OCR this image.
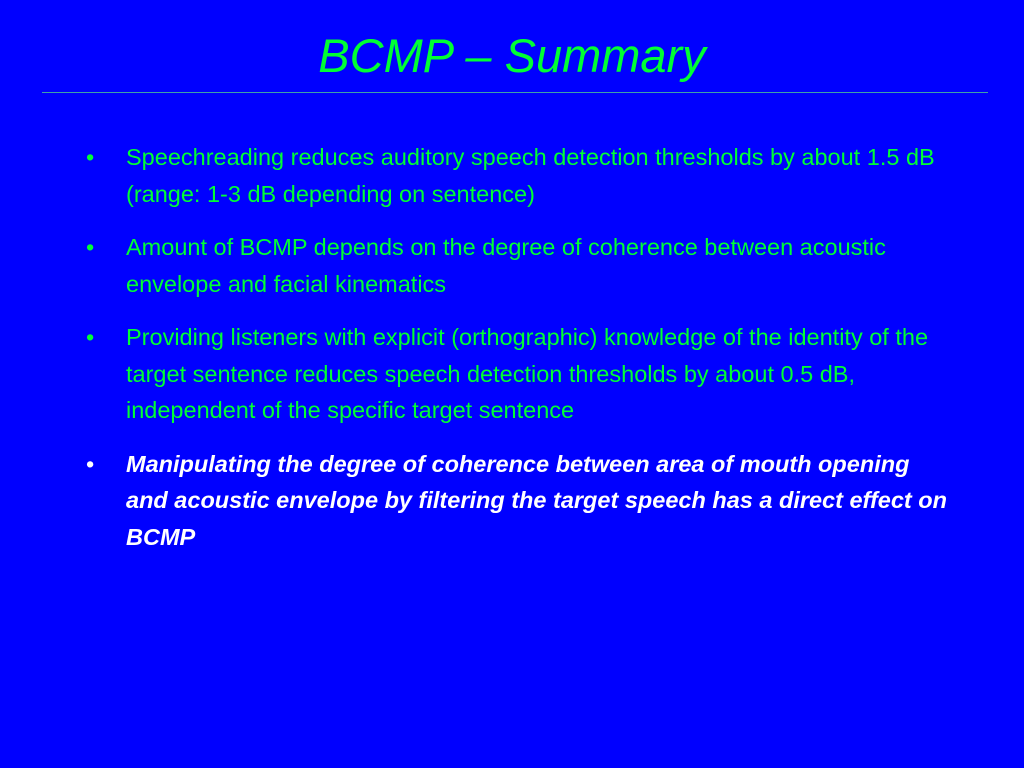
BCMP – Summary
•	Speechreading reduces auditory speech detection thresholds by about 1.5 dB (range: 1-3 dB depending on sentence)
•	Amount of BCMP depends on the degree of coherence between acoustic envelope and facial kinematics
•	Providing listeners with explicit (orthographic) knowledge of the identity of the target sentence reduces speech detection thresholds by about 0.5 dB, independent of the specific target sentence
•	Manipulating the degree of coherence between area of mouth opening and acoustic envelope by filtering the target speech has a direct effect on BCMP
